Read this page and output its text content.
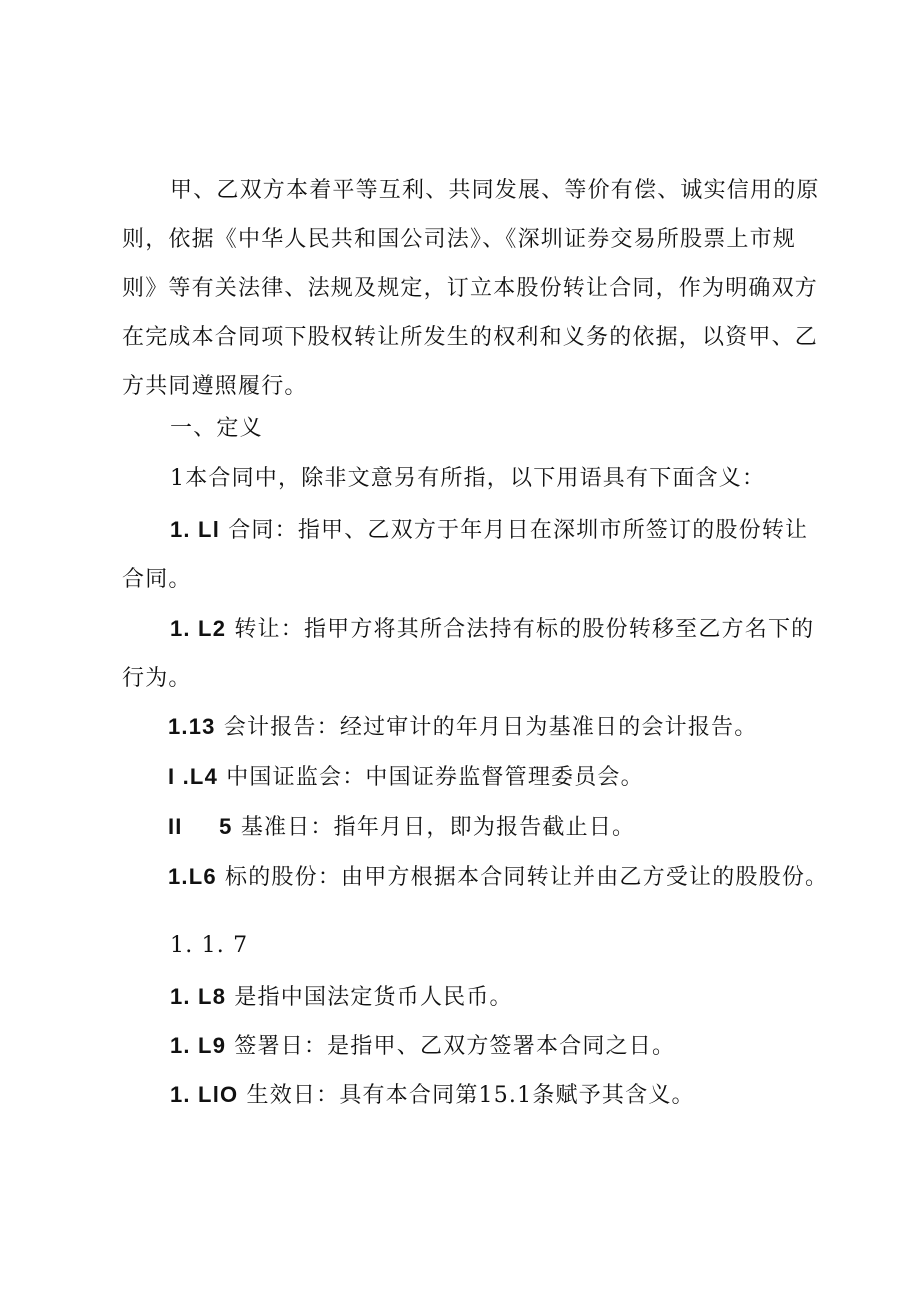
甲、乙双方本着平等互利、共同发展、等价有偿、诚实信用的原则，依据《中华人民共和国公司法》、《深圳证券交易所股票上市规则》等有关法律、法规及规定，订立本股份转让合同，作为明确双方在完成本合同项下股权转让所发生的权利和义务的依据，以资甲、乙方共同遵照履行。

一、定义
1本合同中，除非文意另有所指，以下用语具有下面含义：

1. Ll 合同：指甲、乙双方于年月日在深圳市所签订的股份转让合同。

1. L2 转让：指甲方将其所合法持有标的股份转移至乙方名下的行为。

1.13 会计报告：经过审计的年月日为基准日的会计报告。
I .L4 中国证监会：中国证券监督管理委员会。
II     5 基准日：指年月日，即为报告截止日。
1.L6 标的股份：由甲方根据本合同转让并由乙方受让的股股份。
1. 1. 7
1. L8 是指中国法定货币人民币。
1. L9 签署日：是指甲、乙双方签署本合同之日。
1. LlO 生效日：具有本合同第15.1条赋予其含义。
